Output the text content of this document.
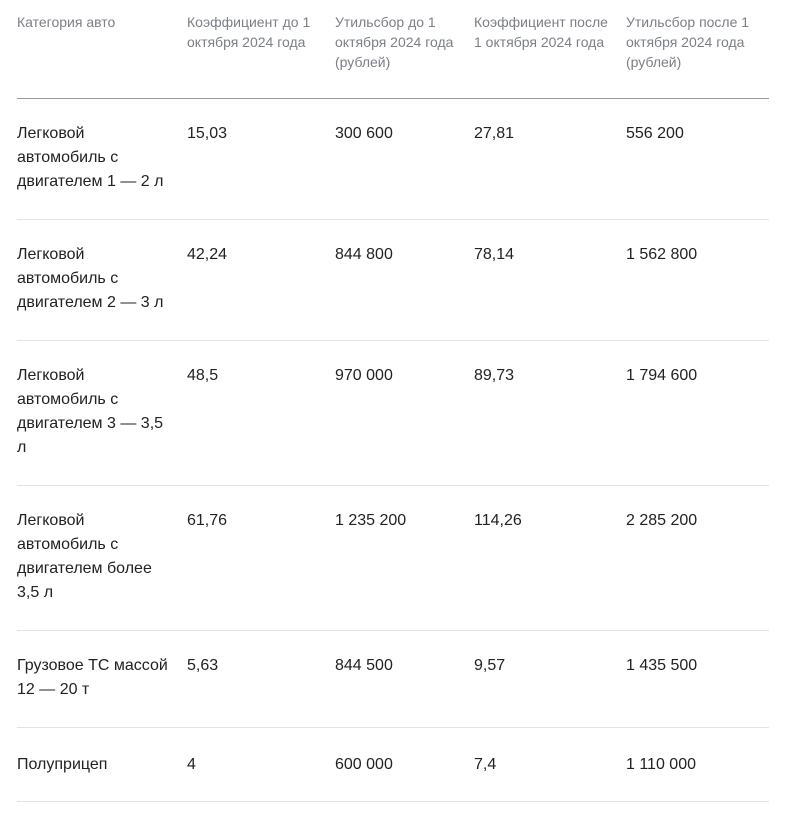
Категория авто	Коэффициент до 1 октября 2024 года	Утильсбор до 1 октября 2024 года (рублей)	Коэффициент после 1 октября 2024 года	Утильсбор после 1 октября 2024 года (рублей)
Легковой автомобиль с двигателем 1 — 2 л	15,03	300 600	27,81	556 200
Легковой автомобиль с двигателем 2 — 3 л	42,24	844 800	78,14	1 562 800
Легковой автомобиль с двигателем 3 — 3,5 л	48,5	970 000	89,73	1 794 600
Легковой автомобиль с двигателем более 3,5 л	61,76	1 235 200	114,26	2 285 200
Грузовое ТС массой 12 — 20 т	5,63	844 500	9,57	1 435 500
Полуприцеп	4	600 000	7,4	1 110 000
